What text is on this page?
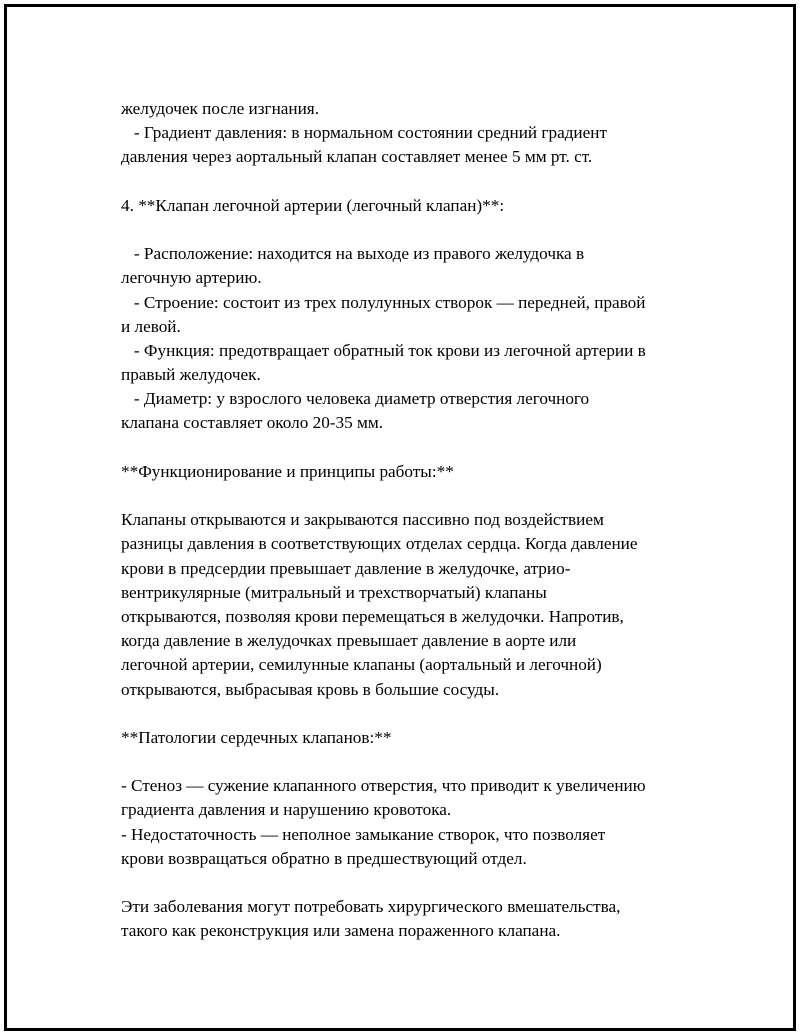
желудочек после изгнания.
- Градиент давления: в нормальном состоянии средний градиент
давления через аортальный клапан составляет менее 5 мм рт. ст.
4. **Клапан легочной артерии (легочный клапан)**:
- Расположение: находится на выходе из правого желудочка в
легочную артерию.
- Строение: состоит из трех полулунных створок — передней, правой
и левой.
- Функция: предотвращает обратный ток крови из легочной артерии в
правый желудочек.
- Диаметр: у взрослого человека диаметр отверстия легочного
клапана составляет около 20-35 мм.
**Функционирование и принципы работы:**
Клапаны открываются и закрываются пассивно под воздействием
разницы давления в соответствующих отделах сердца. Когда давление
крови в предсердии превышает давление в желудочке, атрио-
вентрикулярные (митральный и трехстворчатый) клапаны
открываются, позволяя крови перемещаться в желудочки. Напротив,
когда давление в желудочках превышает давление в аорте или
легочной артерии, семилунные клапаны (аортальный и легочной)
открываются, выбрасывая кровь в большие сосуды.
**Патологии сердечных клапанов:**
- Стеноз — сужение клапанного отверстия, что приводит к увеличению
градиента давления и нарушению кровотока.
- Недостаточность — неполное замыкание створок, что позволяет
крови возвращаться обратно в предшествующий отдел.
Эти заболевания могут потребовать хирургического вмешательства,
такого как реконструкция или замена пораженного клапана.
